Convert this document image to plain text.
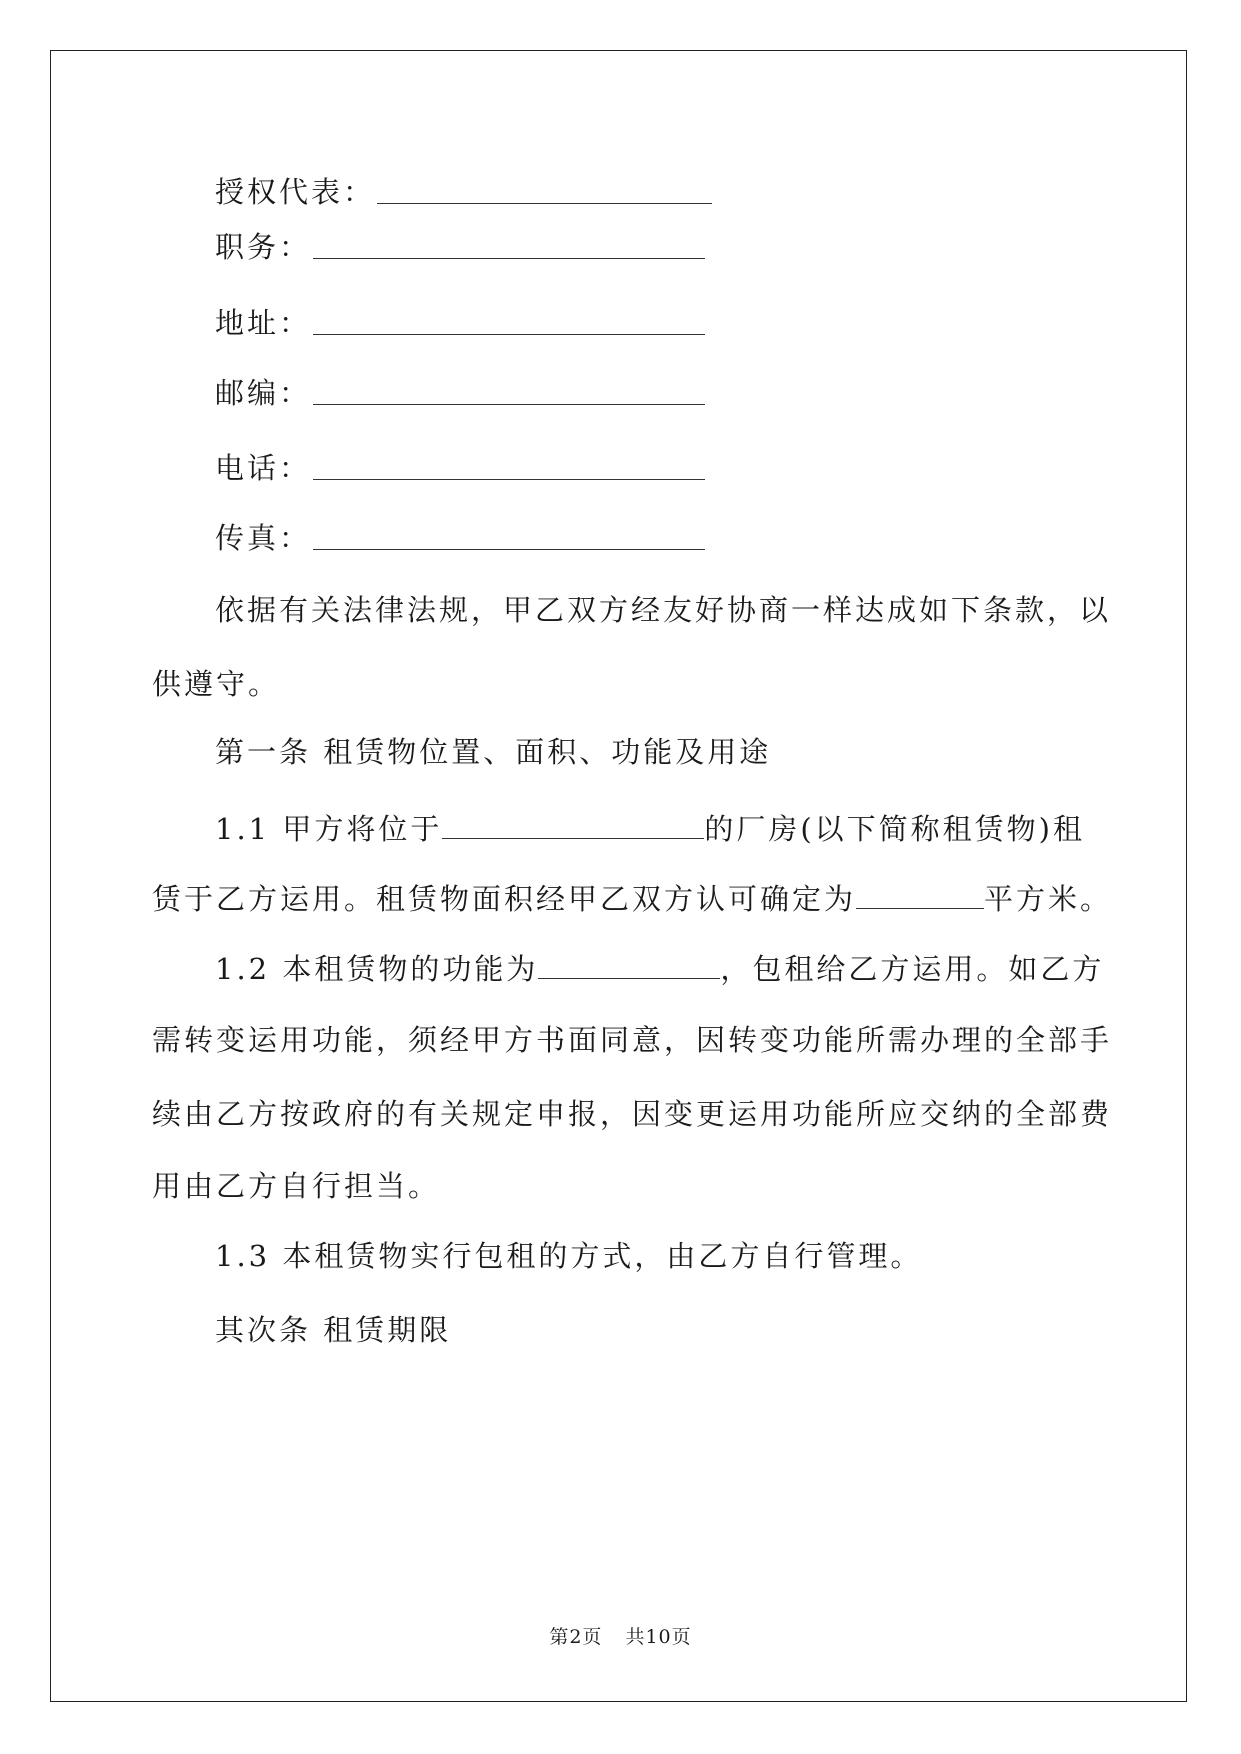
授权代表：
职务：
地址：
邮编：
电话：
传真：
依据有关法律法规，甲乙双方经友好协商一样达成如下条款，以
供遵守。
第一条 租赁物位置、面积、功能及用途
1.1 甲方将位于	的厂房(以下简称租赁物)租
赁于乙方运用。租赁物面积经甲乙双方认可确定为	平方米。
1.2 本租赁物的功能为	，包租给乙方运用。如乙方
需转变运用功能，须经甲方书面同意，因转变功能所需办理的全部手
续由乙方按政府的有关规定申报，因变更运用功能所应交纳的全部费
用由乙方自行担当。
1.3 本租赁物实行包租的方式，由乙方自行管理。
其次条 租赁期限
第2页 共10页
